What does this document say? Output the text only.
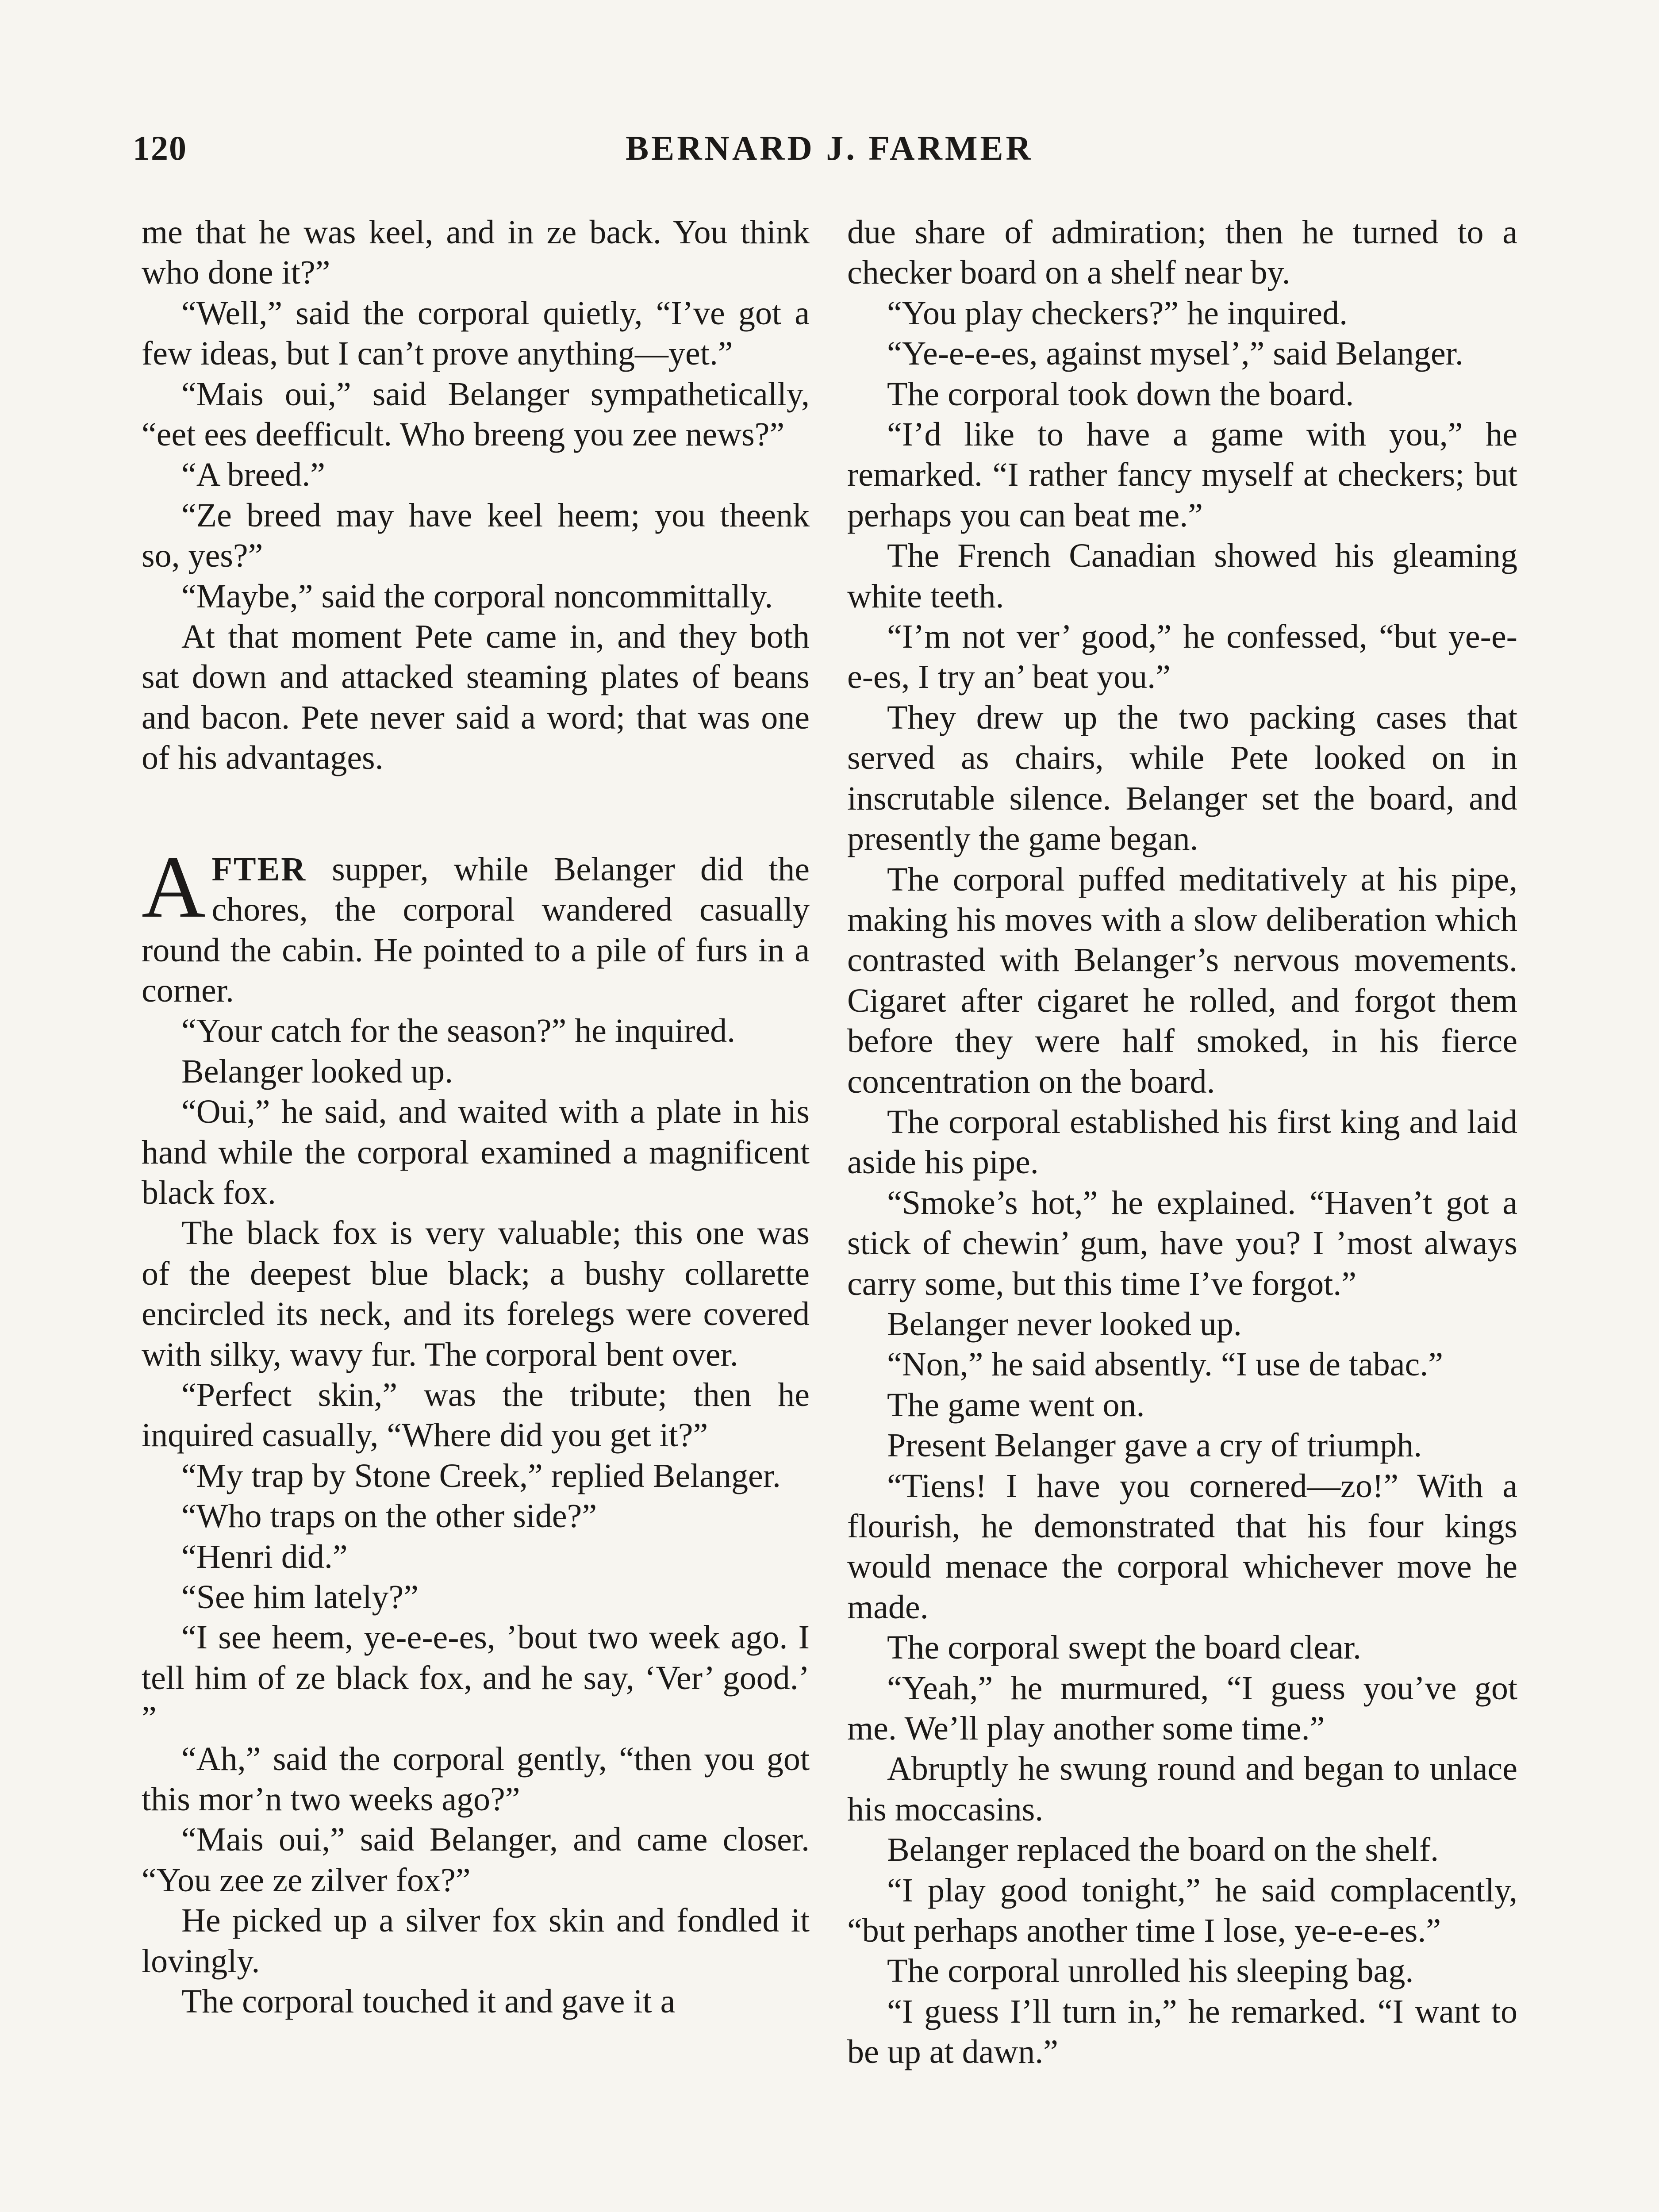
120	BERNARD J. FARMER

me that he was keel, and in ze back. You think who done it?”

“Well,” said the corporal quietly, “I’ve got a few ideas, but I can’t prove anything—yet.”

“Mais oui,” said Belanger sympathetically, “eet ees deefficult. Who breeng you zee news?”

“A breed.”

“Ze breed may have keel heem; you theenk so, yes?”

“Maybe,” said the corporal noncommittally.

At that moment Pete came in, and they both sat down and attacked steaming plates of beans and bacon. Pete never said a word; that was one of his advantages.

AFTER supper, while Belanger did the chores, the corporal wandered casually round the cabin. He pointed to a pile of furs in a corner.

“Your catch for the season?” he inquired.

Belanger looked up.

“Oui,” he said, and waited with a plate in his hand while the corporal examined a magnificent black fox.

The black fox is very valuable; this one was of the deepest blue black; a bushy collarette encircled its neck, and its forelegs were covered with silky, wavy fur. The corporal bent over.

“Perfect skin,” was the tribute; then he inquired casually, “Where did you get it?”

“My trap by Stone Creek,” replied Belanger.

“Who traps on the other side?”

“Henri did.”

“See him lately?”

“I see heem, ye-e-e-es, ’bout two week ago. I tell him of ze black fox, and he say, ‘Ver’ good.’ ”

“Ah,” said the corporal gently, “then you got this mor’n two weeks ago?”

“Mais oui,” said Belanger, and came closer. “You zee ze zilver fox?”

He picked up a silver fox skin and fondled it lovingly.

The corporal touched it and gave it a

due share of admiration; then he turned to a checker board on a shelf near by.

“You play checkers?” he inquired.

“Ye-e-e-es, against mysel’,” said Belanger.

The corporal took down the board.

“I’d like to have a game with you,” he remarked. “I rather fancy myself at checkers; but perhaps you can beat me.”

The French Canadian showed his gleaming white teeth.

“I’m not ver’ good,” he confessed, “but ye-e-e-es, I try an’ beat you.”

They drew up the two packing cases that served as chairs, while Pete looked on in inscrutable silence. Belanger set the board, and presently the game began.

The corporal puffed meditatively at his pipe, making his moves with a slow deliberation which contrasted with Belanger’s nervous movements. Cigaret after cigaret he rolled, and forgot them before they were half smoked, in his fierce concentration on the board.

The corporal established his first king and laid aside his pipe.

“Smoke’s hot,” he explained. “Haven’t got a stick of chewin’ gum, have you? I ’most always carry some, but this time I’ve forgot.”

Belanger never looked up.

“Non,” he said absently. “I use de tabac.”

The game went on.

Present Belanger gave a cry of triumph.

“Tiens! I have you cornered—zo!” With a flourish, he demonstrated that his four kings would menace the corporal whichever move he made.

The corporal swept the board clear.

“Yeah,” he murmured, “I guess you’ve got me. We’ll play another some time.”

Abruptly he swung round and began to unlace his moccasins.

Belanger replaced the board on the shelf.

“I play good tonight,” he said complacently, “but perhaps another time I lose, ye-e-e-es.”

The corporal unrolled his sleeping bag.

“I guess I’ll turn in,” he remarked. “I want to be up at dawn.”
